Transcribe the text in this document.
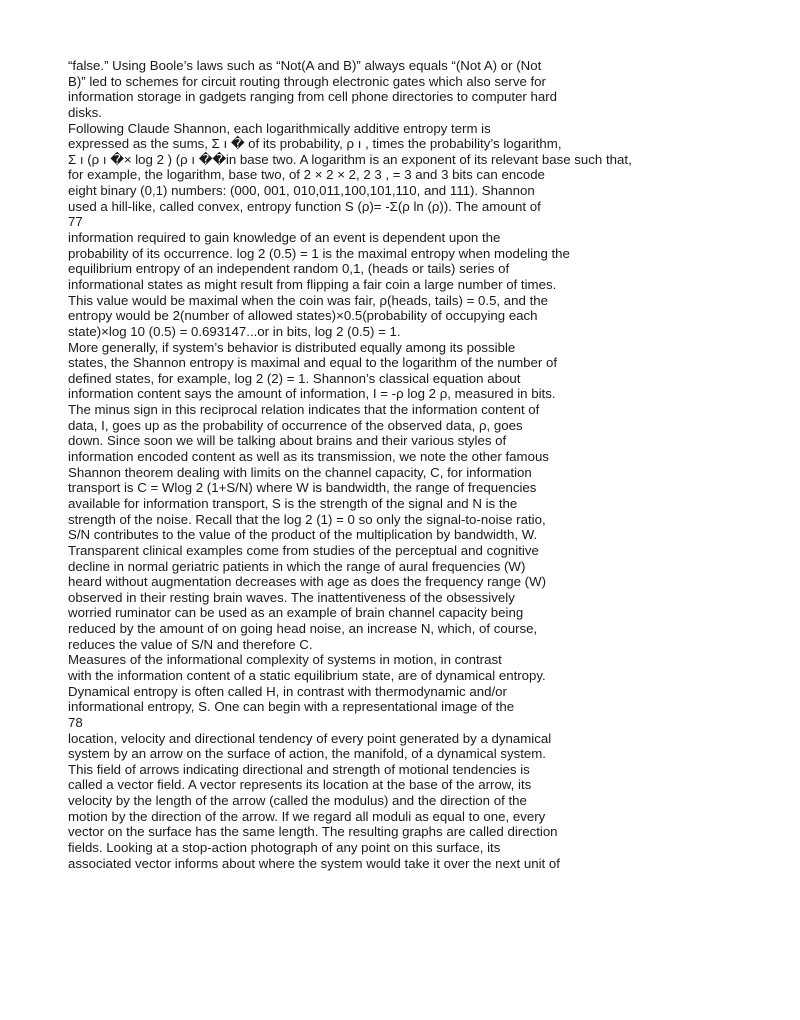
“false.” Using Boole’s laws such as “Not(A and B)” always equals “(Not A) or (Not
B)” led to schemes for circuit routing through electronic gates which also serve for
information storage in gadgets ranging from cell phone directories to computer hard
disks.
Following Claude Shannon, each logarithmically additive entropy term is
expressed as the sums, Σ ı � of its probability, ρ ı , times the probability’s logarithm,
Σ ı (ρ ı �× log 2 ) (ρ ı ��in base two. A logarithm is an exponent of its relevant base such that,
for example, the logarithm, base two, of 2 × 2 × 2, 2 3 , = 3 and 3 bits can encode
eight binary (0,1) numbers: (000, 001, 010,011,100,101,110, and 111). Shannon
used a hill-like, called convex, entropy function S (ρ)= -Σ(ρ ln (ρ)). The amount of
77
information required to gain knowledge of an event is dependent upon the
probability of its occurrence. log 2 (0.5) = 1 is the maximal entropy when modeling the
equilibrium entropy of an independent random 0,1, (heads or tails) series of
informational states as might result from flipping a fair coin a large number of times.
This value would be maximal when the coin was fair, ρ(heads, tails) = 0.5, and the
entropy would be 2(number of allowed states)×0.5(probability of occupying each
state)×log 10 (0.5) = 0.693147...or in bits, log 2 (0.5) = 1.
More generally, if system’s behavior is distributed equally among its possible
states, the Shannon entropy is maximal and equal to the logarithm of the number of
defined states, for example, log 2 (2) = 1. Shannon’s classical equation about
information content says the amount of information, I = -ρ log 2 ρ, measured in bits.
The minus sign in this reciprocal relation indicates that the information content of
data, I, goes up as the probability of occurrence of the observed data, ρ, goes
down. Since soon we will be talking about brains and their various styles of
information encoded content as well as its transmission, we note the other famous
Shannon theorem dealing with limits on the channel capacity, C, for information
transport is C = Wlog 2 (1+S/N) where W is bandwidth, the range of frequencies
available for information transport, S is the strength of the signal and N is the
strength of the noise. Recall that the log 2 (1) = 0 so only the signal-to-noise ratio,
S/N contributes to the value of the product of the multiplication by bandwidth, W.
Transparent clinical examples come from studies of the perceptual and cognitive
decline in normal geriatric patients in which the range of aural frequencies (W)
heard without augmentation decreases with age as does the frequency range (W)
observed in their resting brain waves. The inattentiveness of the obsessively
worried ruminator can be used as an example of brain channel capacity being
reduced by the amount of on going head noise, an increase N, which, of course,
reduces the value of S/N and therefore C.
Measures of the informational complexity of systems in motion, in contrast
with the information content of a static equilibrium state, are of dynamical entropy.
Dynamical entropy is often called H, in contrast with thermodynamic and/or
informational entropy, S. One can begin with a representational image of the
78
location, velocity and directional tendency of every point generated by a dynamical
system by an arrow on the surface of action, the manifold, of a dynamical system.
This field of arrows indicating directional and strength of motional tendencies is
called a vector field. A vector represents its location at the base of the arrow, its
velocity by the length of the arrow (called the modulus) and the direction of the
motion by the direction of the arrow. If we regard all moduli as equal to one, every
vector on the surface has the same length. The resulting graphs are called direction
fields. Looking at a stop-action photograph of any point on this surface, its
associated vector informs about where the system would take it over the next unit of
